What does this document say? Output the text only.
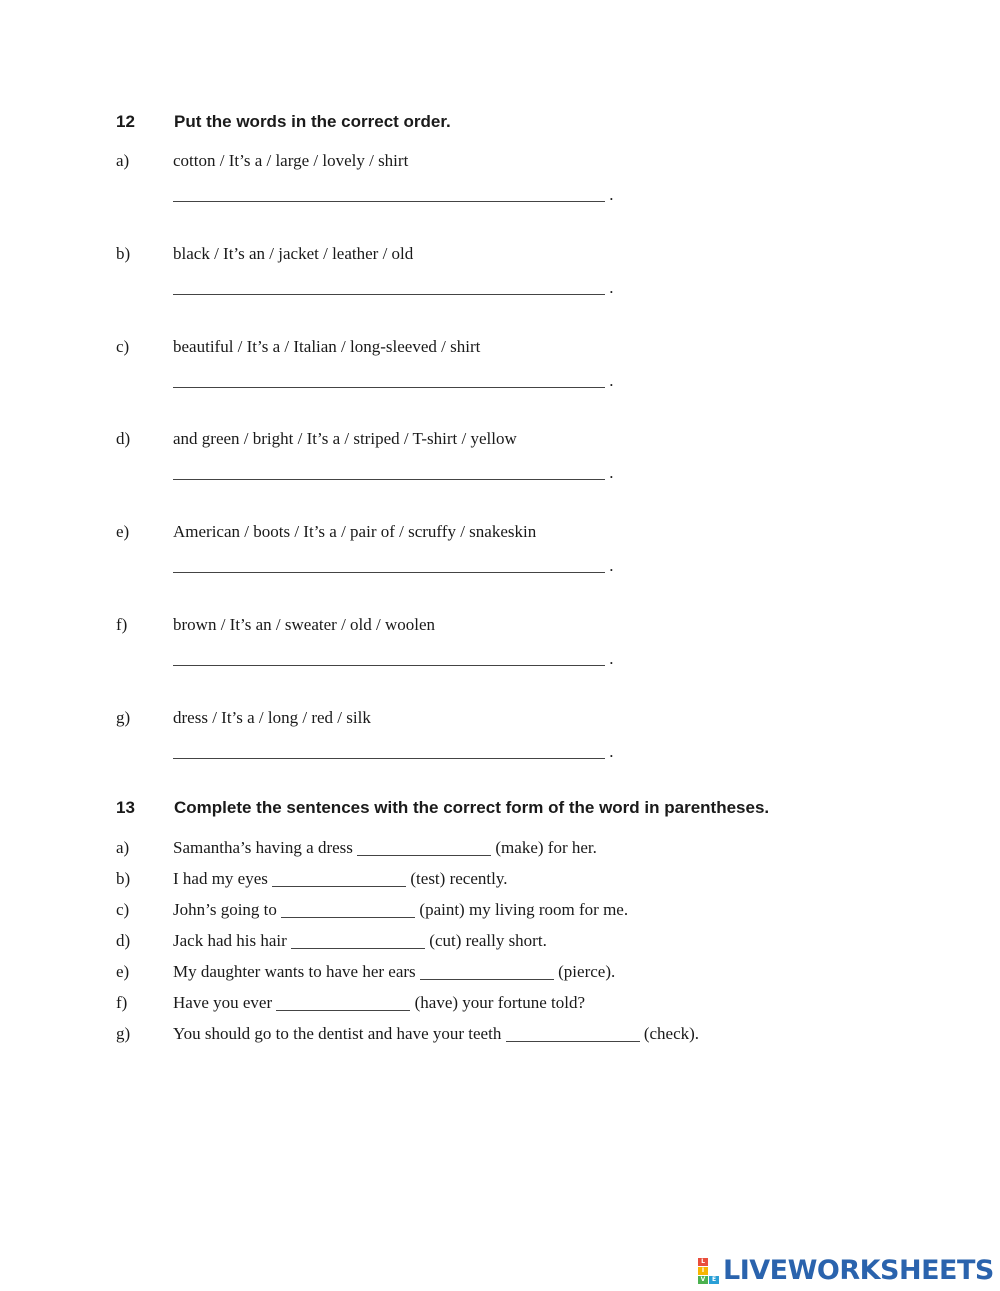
12 Put the words in the correct order.
a)	cotton / It’s a / large / lovely / shirt
.
b)	black / It’s an / jacket / leather / old
.
c)	beautiful / It’s a / Italian / long-sleeved / shirt
.
d)	and green / bright / It’s a / striped / T-shirt / yellow
.
e)	American / boots / It’s a / pair of / scruffy / snakeskin
.
f)	brown / It’s an / sweater / old / woolen
.
g)	dress / It’s a / long / red / silk
.
13 Complete the sentences with the correct form of the word in parentheses.
a)	Samantha’s having a dress	(make) for her.
b)	I had my eyes	(test) recently.
c)	John’s going to	(paint) my living room for me.
d)	Jack had his hair	(cut) really short.
e)	My daughter wants to have her ears	(pierce).
f)	Have you ever	(have) your fortune told?
g)	You should go to the dentist and have your teeth	(check).
L
I
V	E LIVEWORKSHEETS
